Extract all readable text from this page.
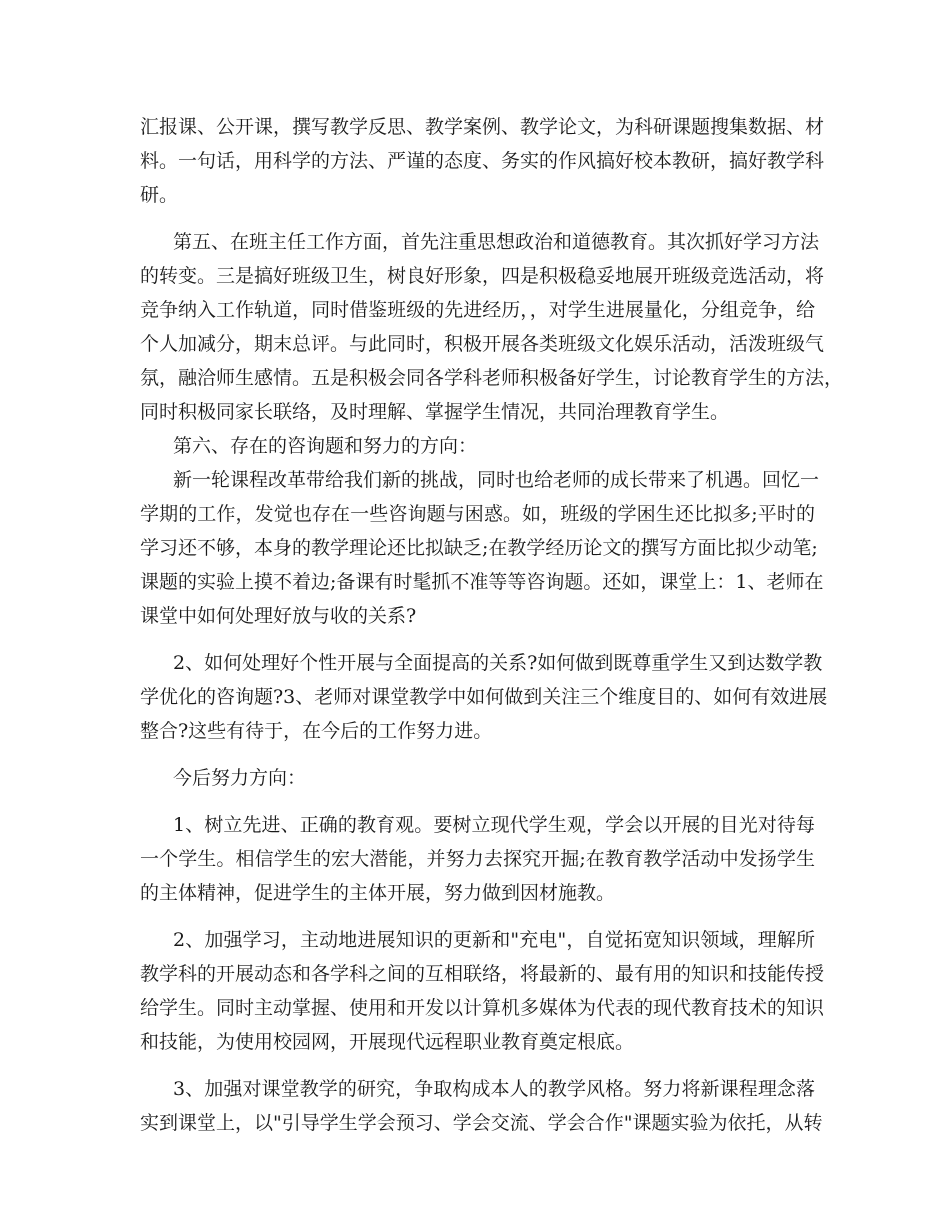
汇报课、公开课，撰写教学反思、教学案例、教学论文，为科研课题搜集数据、材
料。一句话，用科学的方法、严谨的态度、务实的作风搞好校本教研，搞好教学科
研。
第五、在班主任工作方面，首先注重思想政治和道德教育。其次抓好学习方法
的转变。三是搞好班级卫生，树良好形象，四是积极稳妥地展开班级竞选活动，将
竞争纳入工作轨道，同时借鉴班级的先进经历，，对学生进展量化，分组竞争，给
个人加减分，期末总评。与此同时，积极开展各类班级文化娱乐活动，活泼班级气
氛，融洽师生感情。五是积极会同各学科老师积极备好学生，讨论教育学生的方法，
同时积极同家长联络，及时理解、掌握学生情况，共同治理教育学生。
第六、存在的咨询题和努力的方向：
新一轮课程改革带给我们新的挑战，同时也给老师的成长带来了机遇。回忆一
学期的工作，发觉也存在一些咨询题与困惑。如，班级的学困生还比拟多;平时的
学习还不够，本身的教学理论还比拟缺乏;在教学经历论文的撰写方面比拟少动笔;
课题的实验上摸不着边;备课有时髦抓不准等等咨询题。还如，课堂上：1、老师在
课堂中如何处理好放与收的关系?
2、如何处理好个性开展与全面提高的关系?如何做到既尊重学生又到达数学教
学优化的咨询题?3、老师对课堂教学中如何做到关注三个维度目的、如何有效进展
整合?这些有待于，在今后的工作努力进。
今后努力方向：
1、树立先进、正确的教育观。要树立现代学生观，学会以开展的目光对待每
一个学生。相信学生的宏大潜能，并努力去探究开掘;在教育教学活动中发扬学生
的主体精神，促进学生的主体开展，努力做到因材施教。
2、加强学习，主动地进展知识的更新和"充电"，自觉拓宽知识领域，理解所
教学科的开展动态和各学科之间的互相联络，将最新的、最有用的知识和技能传授
给学生。同时主动掌握、使用和开发以计算机多媒体为代表的现代教育技术的知识
和技能，为使用校园网，开展现代远程职业教育奠定根底。
3、加强对课堂教学的研究，争取构成本人的教学风格。努力将新课程理念落
实到课堂上，以"引导学生学会预习、学会交流、学会合作"课题实验为依托，从转
